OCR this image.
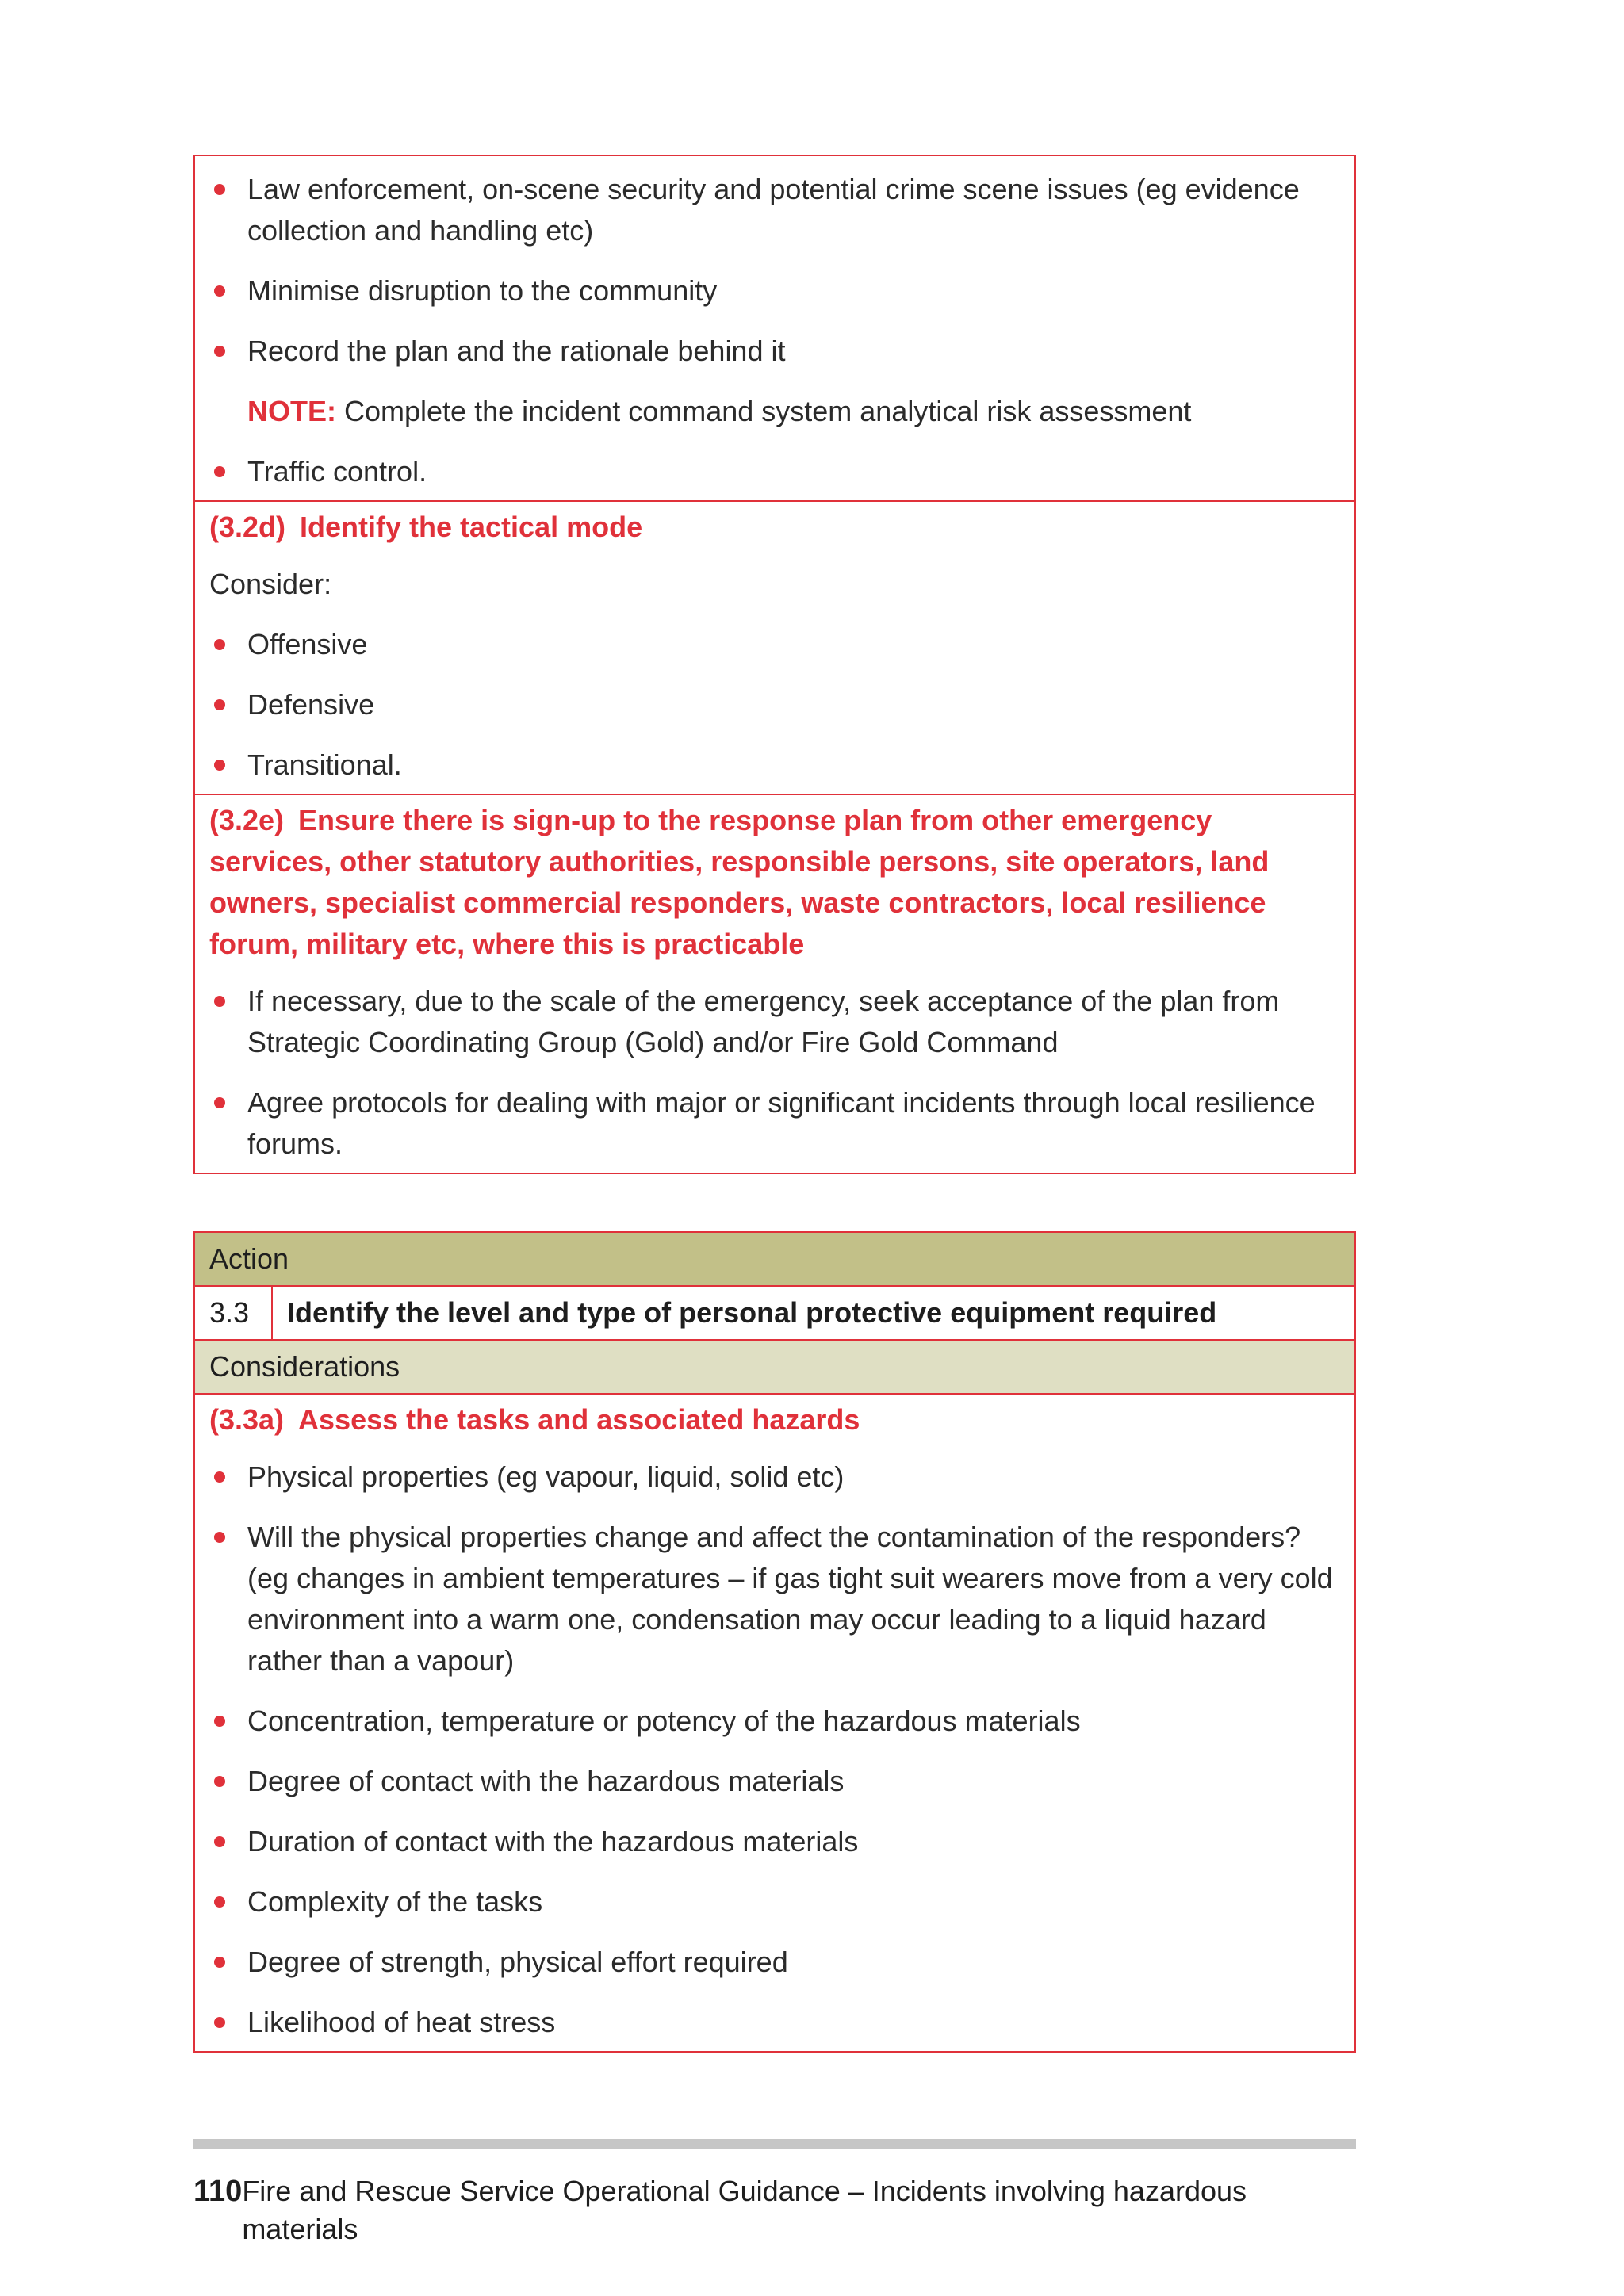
Law enforcement, on-scene security and potential crime scene issues (eg evidence collection and handling etc)
Minimise disruption to the community
Record the plan and the rationale behind it

NOTE: Complete the incident command system analytical risk assessment

Traffic control.
(3.2d) Identify the tactical mode

Consider:

Offensive
Defensive
Transitional.
(3.2e) Ensure there is sign-up to the response plan from other emergency services, other statutory authorities, responsible persons, site operators, land owners, specialist commercial responders, waste contractors, local resilience forum, military etc, where this is practicable
If necessary, due to the scale of the emergency, seek acceptance of the plan from Strategic Coordinating Group (Gold) and/or Fire Gold Command
Agree protocols for dealing with major or significant incidents through local resilience forums.
Action
3.3	Identify the level and type of personal protective equipment required
Considerations
(3.3a) Assess the tasks and associated hazards
Physical properties (eg vapour, liquid, solid etc)
Will the physical properties change and affect the contamination of the responders? (eg changes in ambient temperatures – if gas tight suit wearers move from a very cold environment into a warm one, condensation may occur leading to a liquid hazard rather than a vapour)
Concentration, temperature or potency of the hazardous materials
Degree of contact with the hazardous materials
Duration of contact with the hazardous materials
Complexity of the tasks
Degree of strength, physical effort required
Likelihood of heat stress
110 Fire and Rescue Service Operational Guidance – Incidents involving hazardous materials
